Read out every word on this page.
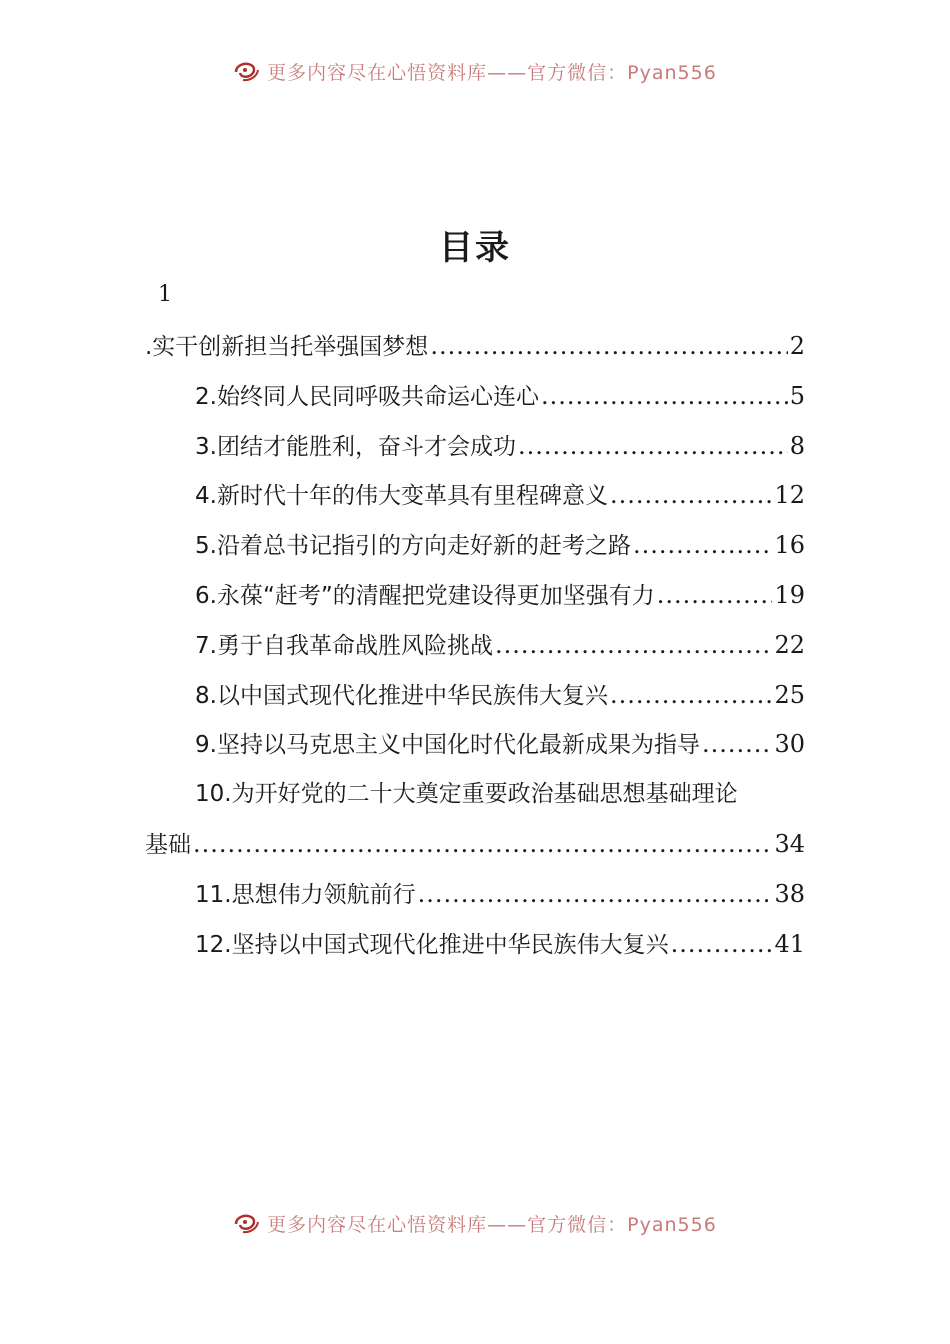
更多内容尽在心悟资料库——官方微信：Pyan556
目录
1
.实干创新担当托举强国梦想 .....	2
2.始终同人民同呼吸共命运心连心 .....	5
3.团结才能胜利，奋斗才会成功 .....	8
4.新时代十年的伟大变革具有里程碑意义 .....	12
5.沿着总书记指引的方向走好新的赶考之路 .....	16
6.永葆“赶考”的清醒把党建设得更加坚强有力 .....	19
7.勇于自我革命战胜风险挑战 .....	22
8.以中国式现代化推进中华民族伟大复兴 .....	25
9.坚持以马克思主义中国化时代化最新成果为指导 .....	30
10.为开好党的二十大奠定重要政治基础思想基础理论
基础 .....	34
11.思想伟力领航前行 .....	38
12.坚持以中国式现代化推进中华民族伟大复兴 .....	41
更多内容尽在心悟资料库——官方微信：Pyan556
